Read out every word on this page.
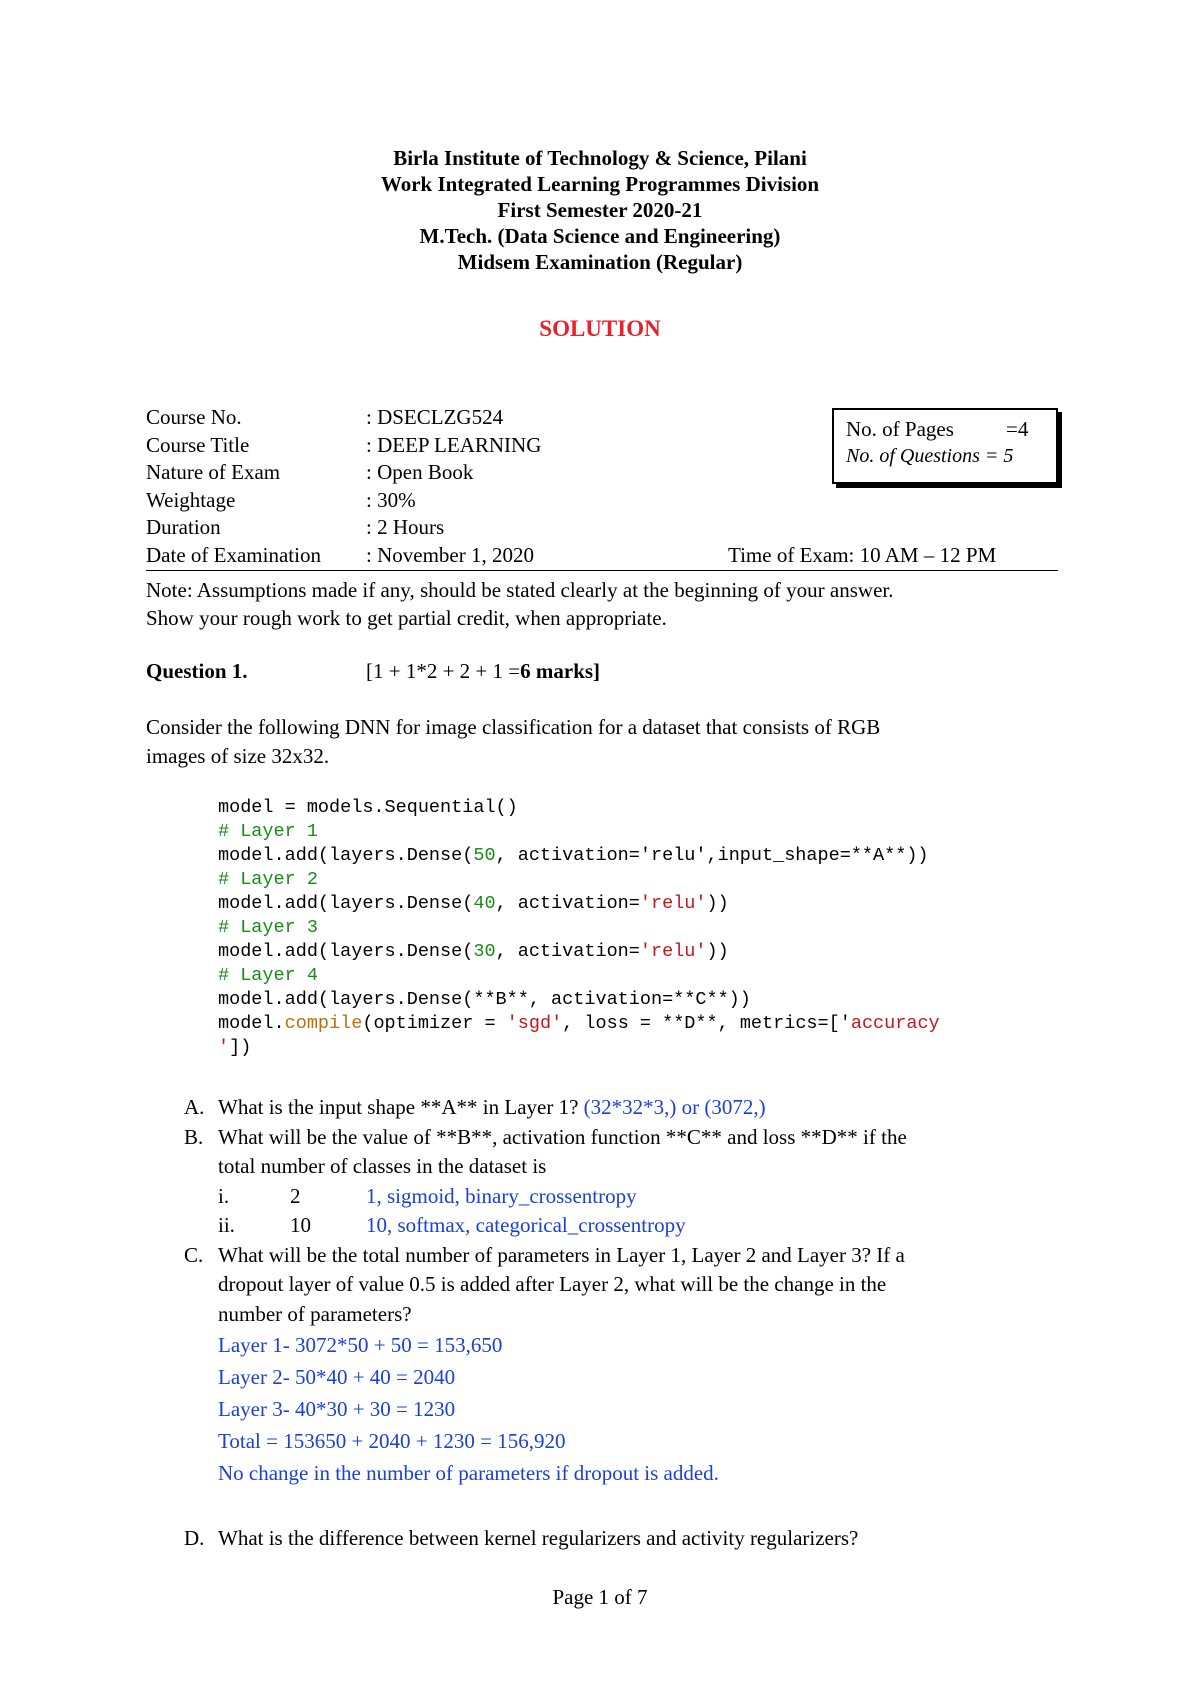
Birla Institute of Technology & Science, Pilani
Work Integrated Learning Programmes Division
First Semester 2020-21
M.Tech. (Data Science and Engineering)
Midsem Examination (Regular)
SOLUTION
Course No.	: DSECLZG524
Course Title	: DEEP LEARNING
Nature of Exam	: Open Book
Weightage	: 30%
Duration	: 2 Hours
Date of Examination : November 1, 2020	Time of Exam: 10 AM – 12 PM
No. of Pages =4
No. of Questions = 5
Note: Assumptions made if any, should be stated clearly at the beginning of your answer.
Show your rough work to get partial credit, when appropriate.
Question 1.	[1 + 1*2 + 2 + 1 =6 marks]
Consider the following DNN for image classification for a dataset that consists of RGB
images of size 32x32.
model = models.Sequential()
# Layer 1
model.add(layers.Dense(50, activation='relu',input_shape=**A**))
# Layer 2
model.add(layers.Dense(40, activation='relu'))
# Layer 3
model.add(layers.Dense(30, activation='relu'))
# Layer 4
model.add(layers.Dense(**B**, activation=**C**))
model.compile(optimizer = 'sgd', loss = **D**, metrics=['accuracy
'])
A. What is the input shape **A** in Layer 1? (32*32*3,) or (3072,)
B. What will be the value of **B**, activation function **C** and loss **D** if the
total number of classes in the dataset is
i.	2	1, sigmoid, binary_crossentropy
ii.	10	10, softmax, categorical_crossentropy
C. What will be the total number of parameters in Layer 1, Layer 2 and Layer 3? If a
dropout layer of value 0.5 is added after Layer 2, what will be the change in the
number of parameters?
Layer 1- 3072*50 + 50 = 153,650
Layer 2- 50*40 + 40 = 2040
Layer 3- 40*30 + 30 = 1230
Total = 153650 + 2040 + 1230 = 156,920
No change in the number of parameters if dropout is added.
D. What is the difference between kernel regularizers and activity regularizers?
Page 1 of 7
